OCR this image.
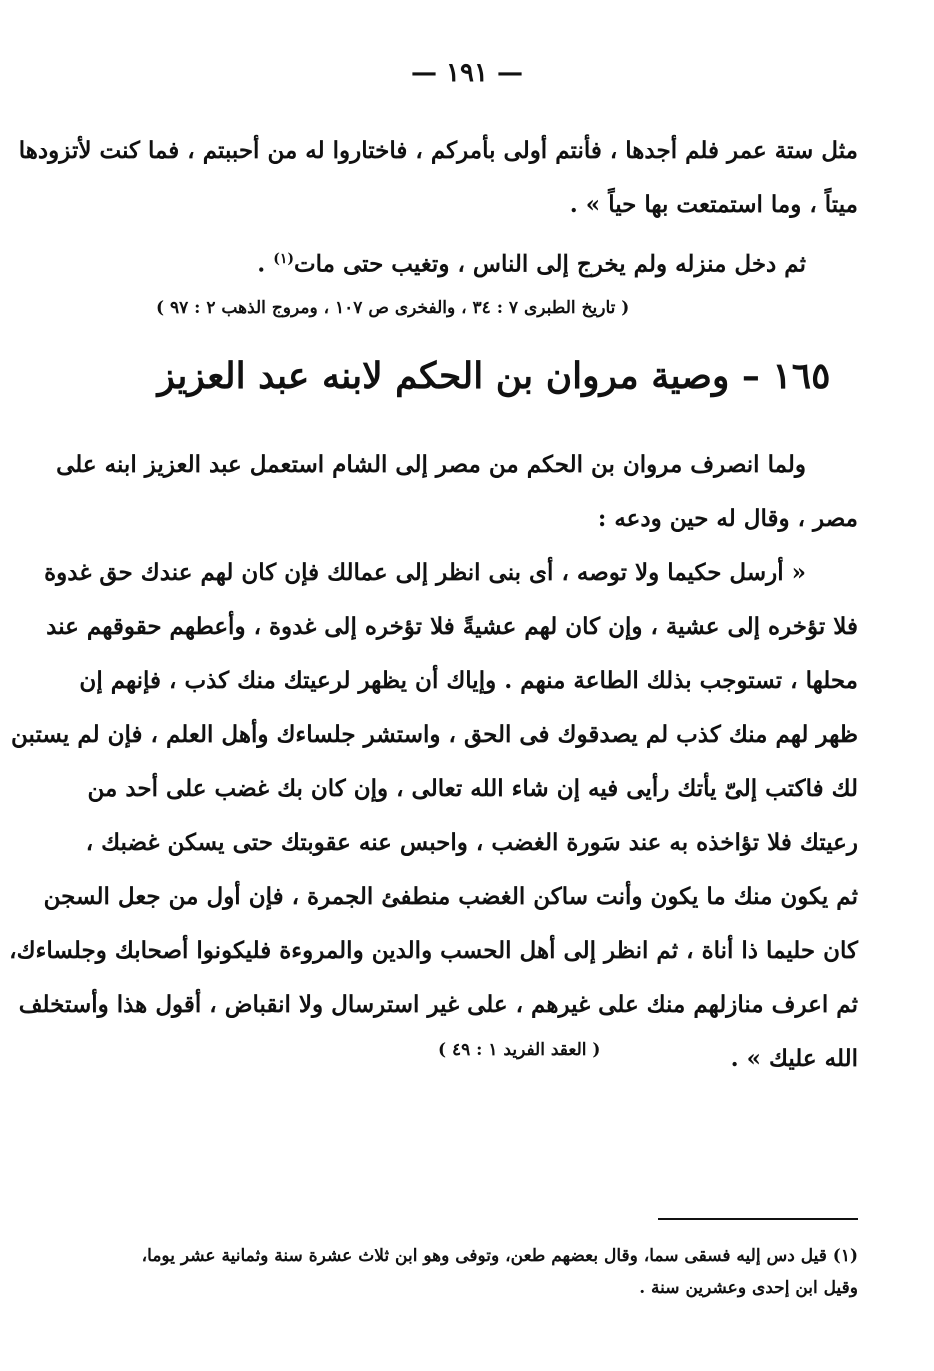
— ١٩١ —
مثل ستة عمر فلم أجدها ، فأنتم أولى بأمركم ، فاختاروا له من أحببتم ، فما كنت لأتزودها
ميتاً ، وما استمتعت بها حياً » .
ثم دخل منزله ولم يخرج إلى الناس ، وتغيب حتى مات$^{(١)}$ .
( تاريخ الطبرى ٧ : ٣٤ ، والفخرى ص ١٠٧ ، ومروج الذهب ٢ : ٩٧ )
١٦٥ – وصية مروان بن الحكم لابنه عبد العزيز
ولما انصرف مروان بن الحكم من مصر إلى الشام استعمل عبد العزيز ابنه على
مصر ، وقال له حين ودعه :
« أرسل حكيما ولا توصه ، أى بنى انظر إلى عمالك فإن كان لهم عندك حق غدوة
فلا تؤخره إلى عشية ، وإن كان لهم عشيةً فلا تؤخره إلى غدوة ، وأعطهم حقوقهم عند
محلها ، تستوجب بذلك الطاعة منهم . وإياك أن يظهر لرعيتك منك كذب ، فإنهم إن
ظهر لهم منك كذب لم يصدقوك فى الحق ، واستشر جلساءك وأهل العلم ، فإن لم يستبن
لك فاكتب إلىّ يأتك رأيى فيه إن شاء الله تعالى ، وإن كان بك غضب على أحد من
رعيتك فلا تؤاخذه به عند سَورة الغضب ، واحبس عنه عقوبتك حتى يسكن غضبك ،
ثم يكون منك ما يكون وأنت ساكن الغضب منطفئ الجمرة ، فإن أول من جعل السجن
كان حليما ذا أناة ، ثم انظر إلى أهل الحسب والدين والمروءة فليكونوا أصحابك وجلساءك،
ثم اعرف منازلهم منك على غيرهم ، على غير استرسال ولا انقباض ، أقول هذا وأستخلف
الله عليك » .
( العقد الفريد ١ : ٤٩ )
(١) قيل دس إليه فسقى سما، وقال بعضهم طعن، وتوفى وهو ابن ثلاث عشرة سنة وثمانية عشر يوما،
وقيل ابن إحدى وعشرين سنة .
